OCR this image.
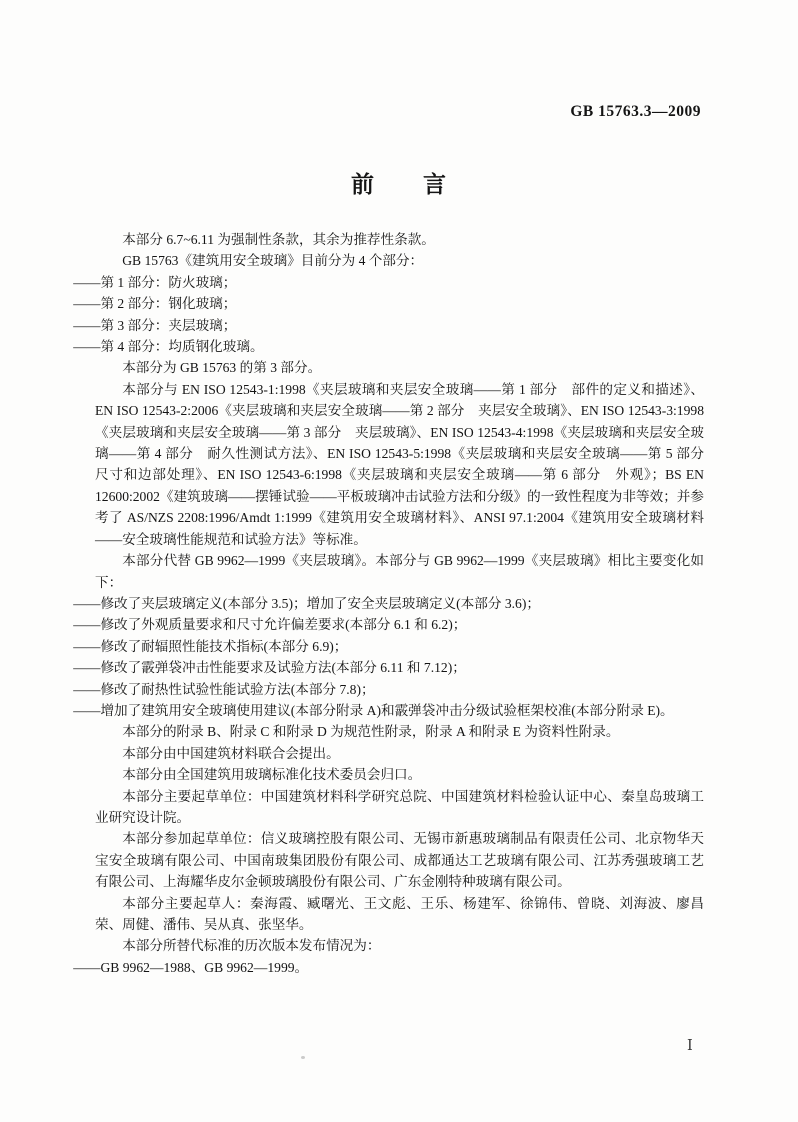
GB 15763.3—2009
前　　言

本部分 6.7~6.11 为强制性条款，其余为推荐性条款。

GB 15763《建筑用安全玻璃》目前分为 4 个部分：

——第 1 部分：防火玻璃；

——第 2 部分：钢化玻璃；

——第 3 部分：夹层玻璃；

——第 4 部分：均质钢化玻璃。

本部分为 GB 15763 的第 3 部分。

本部分与 EN ISO 12543-1:1998《夹层玻璃和夹层安全玻璃——第 1 部分　部件的定义和描述》、EN ISO 12543-2:2006《夹层玻璃和夹层安全玻璃——第 2 部分　夹层安全玻璃》、EN ISO 12543-3:1998《夹层玻璃和夹层安全玻璃——第 3 部分　夹层玻璃》、EN ISO 12543-4:1998《夹层玻璃和夹层安全玻璃——第 4 部分　耐久性测试方法》、EN ISO 12543-5:1998《夹层玻璃和夹层安全玻璃——第 5 部分　尺寸和边部处理》、EN ISO 12543-6:1998《夹层玻璃和夹层安全玻璃——第 6 部分　外观》；BS EN 12600:2002《建筑玻璃——摆锤试验——平板玻璃冲击试验方法和分级》的一致性程度为非等效；并参考了 AS/NZS 2208:1996/Amdt 1:1999《建筑用安全玻璃材料》、ANSI 97.1:2004《建筑用安全玻璃材料——安全玻璃性能规范和试验方法》等标准。

本部分代替 GB 9962—1999《夹层玻璃》。本部分与 GB 9962—1999《夹层玻璃》相比主要变化如下：

——修改了夹层玻璃定义(本部分 3.5)；增加了安全夹层玻璃定义(本部分 3.6)；

——修改了外观质量要求和尺寸允许偏差要求(本部分 6.1 和 6.2)；

——修改了耐辐照性能技术指标(本部分 6.9)；

——修改了霰弹袋冲击性能要求及试验方法(本部分 6.11 和 7.12)；

——修改了耐热性试验性能试验方法(本部分 7.8)；

——增加了建筑用安全玻璃使用建议(本部分附录 A)和霰弹袋冲击分级试验框架校准(本部分附录 E)。

本部分的附录 B、附录 C 和附录 D 为规范性附录，附录 A 和附录 E 为资料性附录。

本部分由中国建筑材料联合会提出。

本部分由全国建筑用玻璃标准化技术委员会归口。

本部分主要起草单位：中国建筑材料科学研究总院、中国建筑材料检验认证中心、秦皇岛玻璃工业研究设计院。

本部分参加起草单位：信义玻璃控股有限公司、无锡市新惠玻璃制品有限责任公司、北京物华天宝安全玻璃有限公司、中国南玻集团股份有限公司、成都通达工艺玻璃有限公司、江苏秀强玻璃工艺有限公司、上海耀华皮尔金顿玻璃股份有限公司、广东金刚特种玻璃有限公司。

本部分主要起草人：秦海霞、臧曙光、王文彪、王乐、杨建军、徐锦伟、曾晓、刘海波、廖昌荣、周健、潘伟、吴从真、张坚华。

本部分所替代标准的历次版本发布情况为：

——GB 9962—1988、GB 9962—1999。

Ⅰ
